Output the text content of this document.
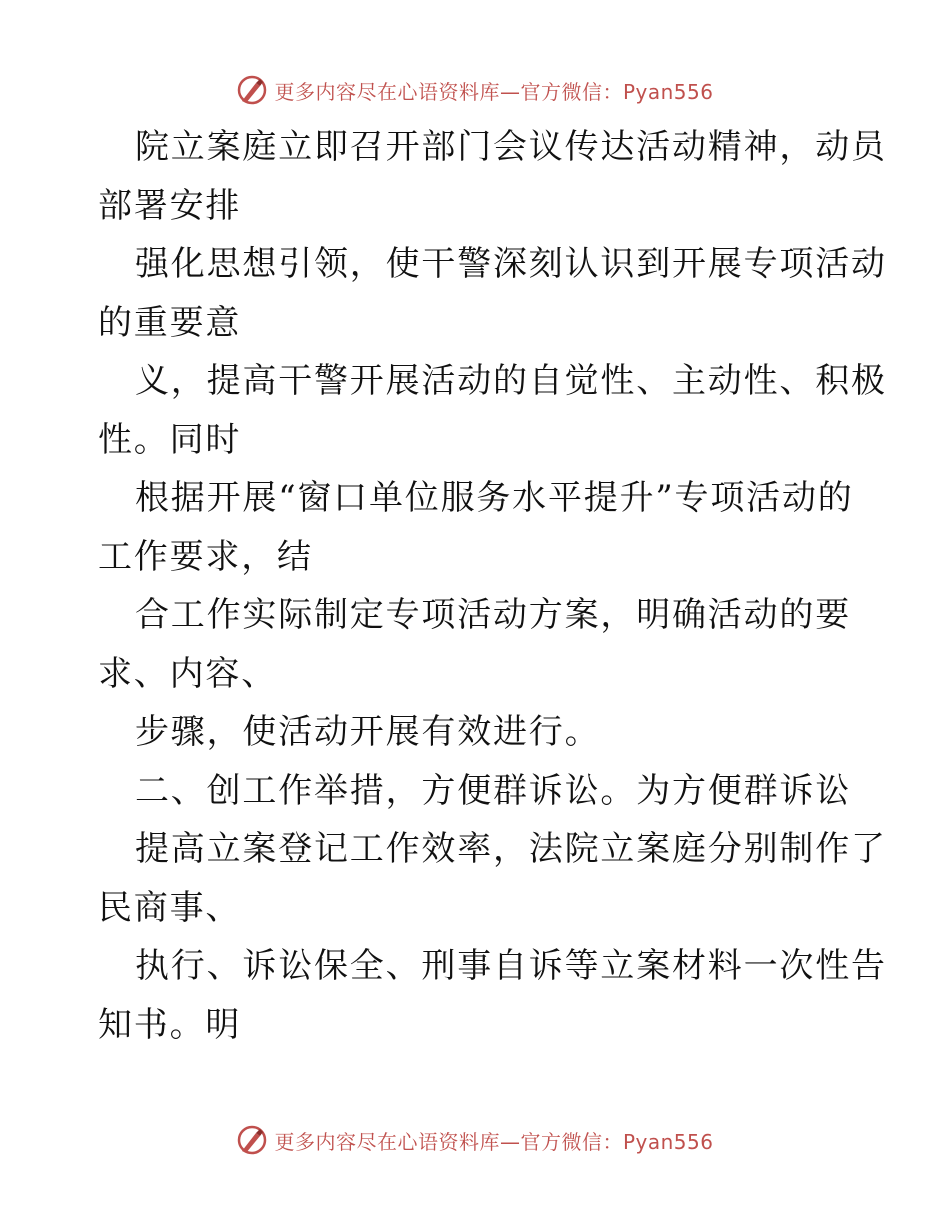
更多内容尽在心语资料库—官方微信：Pyan556
院立案庭立即召开部门会议传达活动精神，动员
部署安排
强化思想引领，使干警深刻认识到开展专项活动
的重要意
义，提高干警开展活动的自觉性、主动性、积极
性。同时
根据开展“窗口单位服务水平提升”专项活动的
工作要求，结
合工作实际制定专项活动方案，明确活动的要
求、内容、
步骤，使活动开展有效进行。
二、创工作举措，方便群诉讼。为方便群诉讼
提高立案登记工作效率，法院立案庭分别制作了
民商事、
执行、诉讼保全、刑事自诉等立案材料一次性告
知书。明
更多内容尽在心语资料库—官方微信：Pyan556
